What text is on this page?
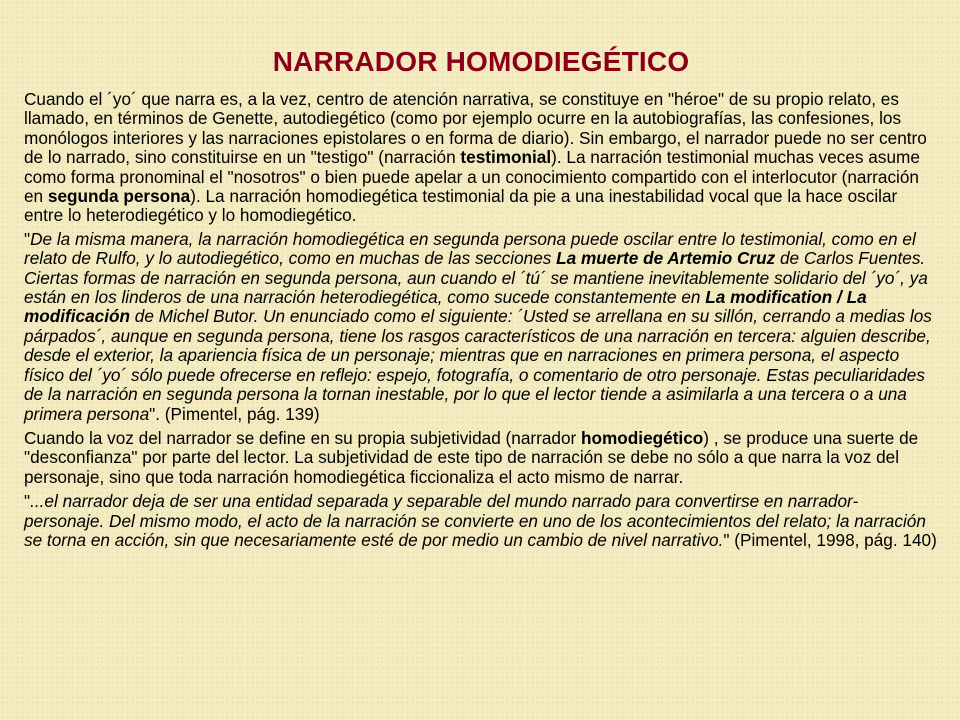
NARRADOR HOMODIEGÉTICO

Cuando el ´yo´ que narra es, a la vez, centro de atención narrativa, se constituye en "héroe" de su propio relato, es llamado, en términos de Genette, autodiegético (como por ejemplo ocurre en la autobiografías, las confesiones, los monólogos interiores y las narraciones epistolares o en forma de diario). Sin embargo, el narrador puede no ser centro de lo narrado, sino constituirse en un "testigo" (narración testimonial). La narración testimonial muchas veces asume como forma pronominal el "nosotros" o bien puede apelar a un conocimiento compartido con el interlocutor (narración en segunda persona). La narración homodiegética testimonial da pie a una inestabilidad vocal que la hace oscilar entre lo heterodiegético y lo homodiegético.

"De la misma manera, la narración homodiegética en segunda persona puede oscilar entre lo testimonial, como en el relato de Rulfo, y lo autodiegético, como en muchas de las secciones La muerte de Artemio Cruz de Carlos Fuentes. Ciertas formas de narración en segunda persona, aun cuando el ´tú´ se mantiene inevitablemente solidario del ´yo´, ya están en los linderos de una narración heterodiegética, como sucede constantemente en La modification / La modificación de Michel Butor. Un enunciado como el siguiente: ´Usted se arrellana en su sillón, cerrando a medias los párpados´, aunque en segunda persona, tiene los rasgos característicos de una narración en tercera: alguien describe, desde el exterior, la apariencia física de un personaje; mientras que en narraciones en primera persona, el aspecto físico del ´yo´ sólo puede ofrecerse en reflejo: espejo, fotografía, o comentario de otro personaje. Estas peculiaridades de la narración en segunda persona la tornan inestable, por lo que el lector tiende a asimilarla a una tercera o a una primera persona". (Pimentel, pág. 139)

Cuando la voz del narrador se define en su propia subjetividad (narrador homodiegético) , se produce una suerte de "desconfianza" por parte del lector. La subjetividad de este tipo de narración se debe no sólo a que narra la voz del personaje, sino que toda narración homodiegética ficcionaliza el acto mismo de narrar.

"...el narrador deja de ser una entidad separada y separable del mundo narrado para convertirse en narrador- personaje. Del mismo modo, el acto de la narración se convierte en uno de los acontecimientos del relato; la narración se torna en acción, sin que necesariamente esté de por medio un cambio de nivel narrativo." (Pimentel, 1998, pág. 140)
